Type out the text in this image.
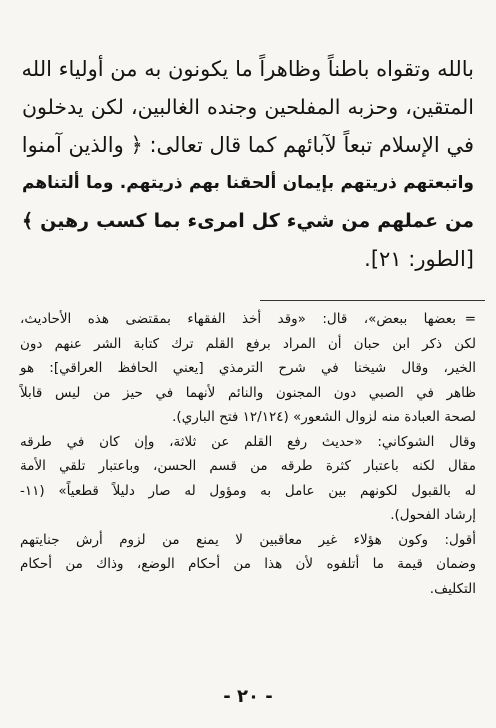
بالله وتقواه باطناً وظاهراً ما يكونون به من أولياء الله

المتقين، وحزبه المفلحين وجنده الغالبين، لكن يدخلون

في الإسلام تبعاً لآبائهم كما قال تعالى: ﴿ والذين آمنوا

واتبعتهم ذريتهم بإيمان ألحقنا بهم ذريتهم. وما ألتناهم

من عملهم من شيء كل امرىء بما كسب رهين ﴾

[الطور: ٢١].

=

بعضها ببعض»، قال: «وقد أخذ الفقهاء بمقتضى هذه الأحاديث،

لكن ذكر ابن حبان أن المراد برفع القلم ترك كتابة الشر عنهم دون

الخير، وقال شيخنا في شرح الترمذي [يعني الحافظ العراقي]: هو

ظاهر في الصبي دون المجنون والنائم لأنهما في حيز من ليس قابلاً

لصحة العبادة منه لزوال الشعور» (١٢/١٢٤ فتح الباري).

وقال الشوكاني: «حديث رفع القلم عن ثلاثة، وإن كان في طرقه

مقال لكنه باعتبار كثرة طرقه من قسم الحسن، وباعتبار تلقي الأمة

له بالقبول لكونهم بين عامل به ومؤول له صار دليلاً قطعياً» (١١-

إرشاد الفحول).

أقول: وكون هؤلاء غير معاقبين لا يمنع من لزوم أرش جنايتهم

وضمان قيمة ما أتلفوه لأن هذا من أحكام الوضع، وذاك من أحكام

التكليف.

- ٢٠ -
